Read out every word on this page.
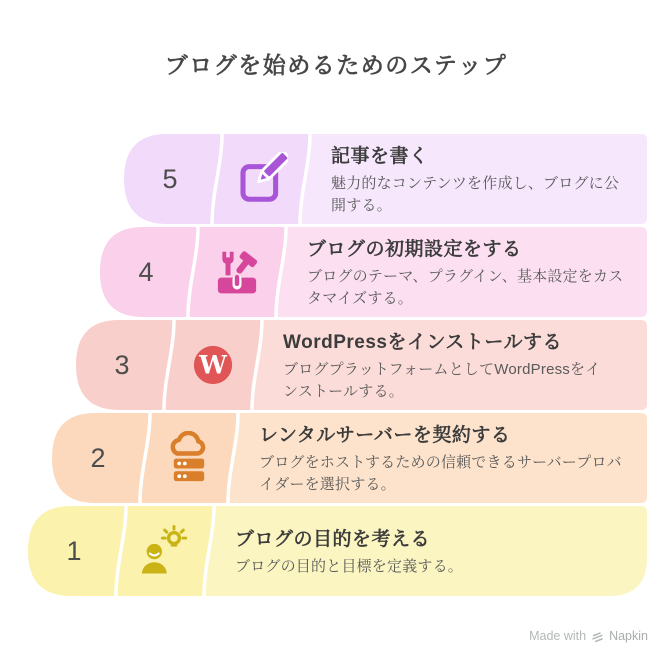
ブログを始めるためのステップ
5
記事を書く
魅力的なコンテンツを作成し、ブログに公開する。
4
ブログの初期設定をする
ブログのテーマ、プラグイン、基本設定をカスタマイズする。
3	W
WordPressをインストールする
ブログプラットフォームとしてWordPressをインストールする。
2
レンタルサーバーを契約する
ブログをホストするための信頼できるサーバープロバイダーを選択する。
1	ブログの目的を考える
ブログの目的と目標を定義する。
Made with Napkin
